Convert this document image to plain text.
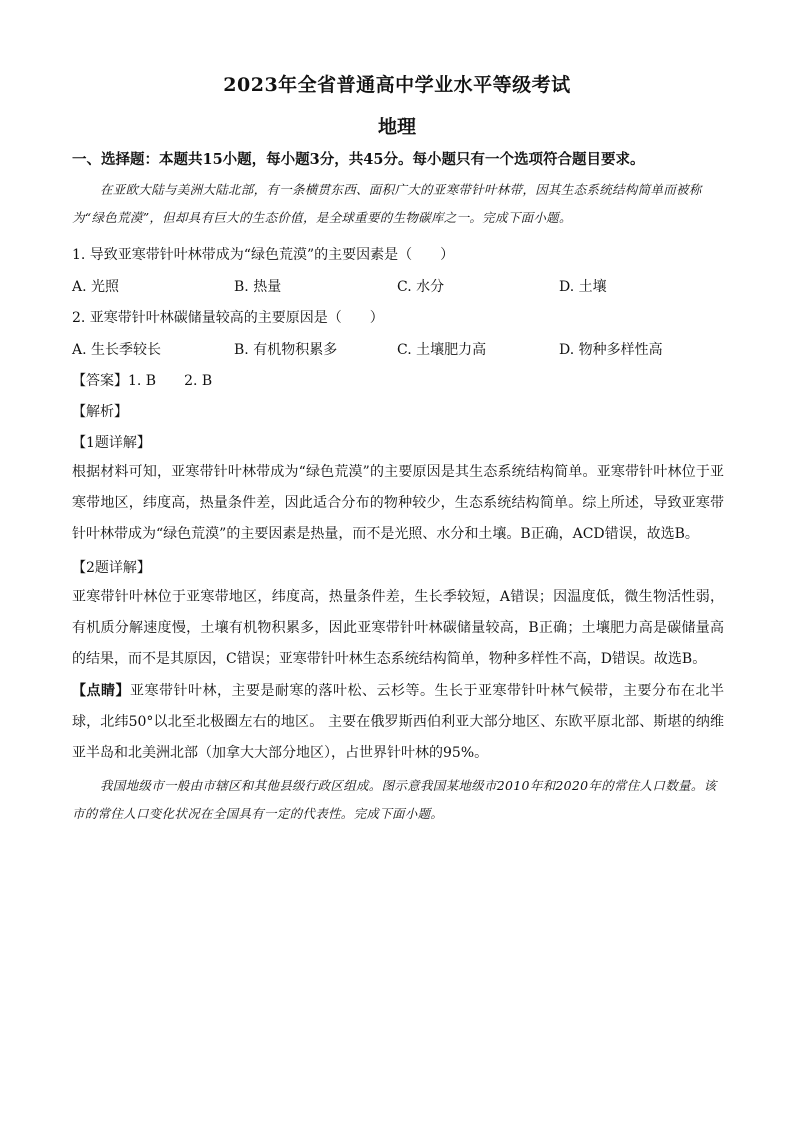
2023年全省普通高中学业水平等级考试
地理
一、选择题：本题共15小题，每小题3分，共45分。每小题只有一个选项符合题目要求。
在亚欧大陆与美洲大陆北部，有一条横贯东西、面积广大的亚寒带针叶林带，因其生态系统结构简单而被称为“绿色荒漠”，但却具有巨大的生态价值，是全球重要的生物碳库之一。完成下面小题。
1. 导致亚寒带针叶林带成为“绿色荒漠”的主要因素是（　　）
A. 光照	B. 热量	C. 水分	D. 土壤
2. 亚寒带针叶林碳储量较高的主要原因是（　　）
A. 生长季较长	B. 有机物积累多	C. 土壤肥力高	D. 物种多样性高
【答案】1. B　　2. B
【解析】
【1题详解】
根据材料可知，亚寒带针叶林带成为“绿色荒漠”的主要原因是其生态系统结构简单。亚寒带针叶林位于亚寒带地区，纬度高，热量条件差，因此适合分布的物种较少，生态系统结构简单。综上所述，导致亚寒带针叶林带成为“绿色荒漠”的主要因素是热量，而不是光照、水分和土壤。B正确，ACD错误，故选B。
【2题详解】
亚寒带针叶林位于亚寒带地区，纬度高，热量条件差，生长季较短，A错误；因温度低，微生物活性弱，有机质分解速度慢，土壤有机物积累多，因此亚寒带针叶林碳储量较高，B正确；土壤肥力高是碳储量高的结果，而不是其原因，C错误；亚寒带针叶林生态系统结构简单，物种多样性不高，D错误。故选B。
【点睛】亚寒带针叶林，主要是耐寒的落叶松、云杉等。生长于亚寒带针叶林气候带，主要分布在北半球，北纬50°以北至北极圈左右的地区。 主要在俄罗斯西伯利亚大部分地区、东欧平原北部、斯堪的纳维亚半岛和北美洲北部（加拿大大部分地区），占世界针叶林的95%。
我国地级市一般由市辖区和其他县级行政区组成。图示意我国某地级市2010年和2020年的常住人口数量。该市的常住人口变化状况在全国具有一定的代表性。完成下面小题。
